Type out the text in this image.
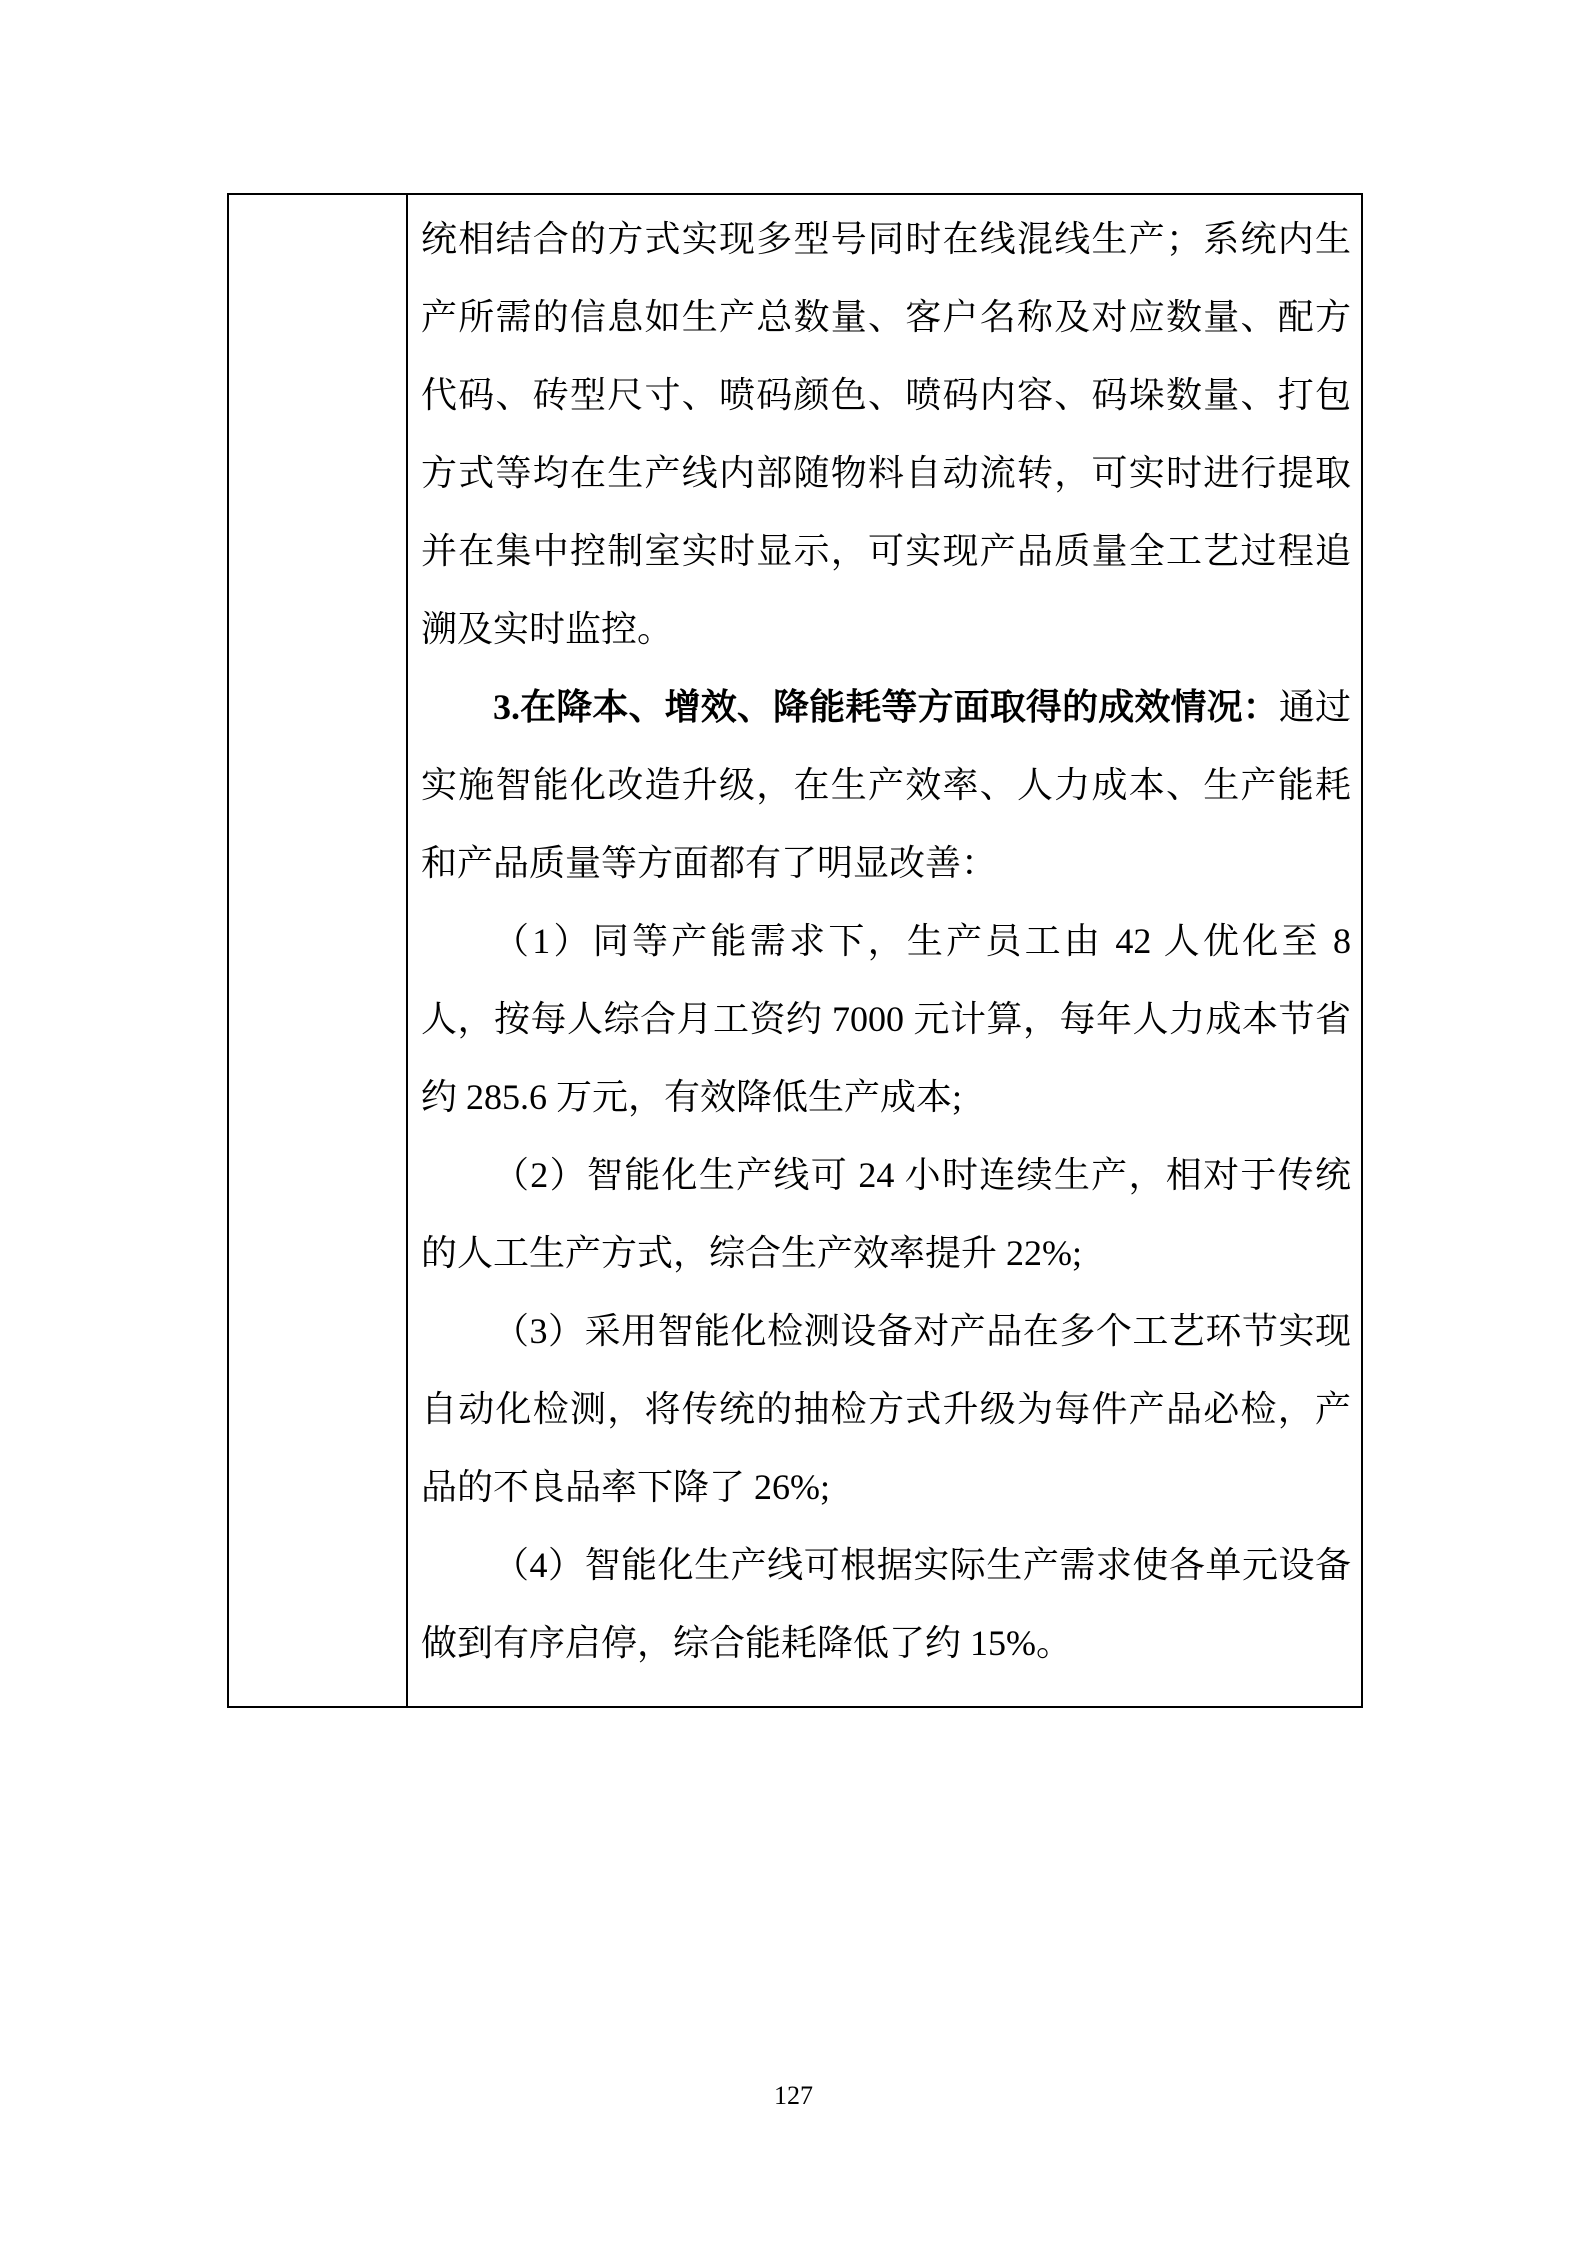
统相结合的方式实现多型号同时在线混线生产；系统内生产所需的信息如生产总数量、客户名称及对应数量、配方代码、砖型尺寸、喷码颜色、喷码内容、码垛数量、打包方式等均在生产线内部随物料自动流转，可实时进行提取并在集中控制室实时显示，可实现产品质量全工艺过程追溯及实时监控。

3.在降本、增效、降能耗等方面取得的成效情况：通过实施智能化改造升级，在生产效率、人力成本、生产能耗和产品质量等方面都有了明显改善：

（1）同等产能需求下，生产员工由 42 人优化至 8 人，按每人综合月工资约 7000 元计算，每年人力成本节省约 285.6 万元，有效降低生产成本;

（2）智能化生产线可 24 小时连续生产，相对于传统的人工生产方式，综合生产效率提升 22%;

（3）采用智能化检测设备对产品在多个工艺环节实现自动化检测，将传统的抽检方式升级为每件产品必检，产品的不良品率下降了 26%;

（4）智能化生产线可根据实际生产需求使各单元设备做到有序启停，综合能耗降低了约 15%。

127
